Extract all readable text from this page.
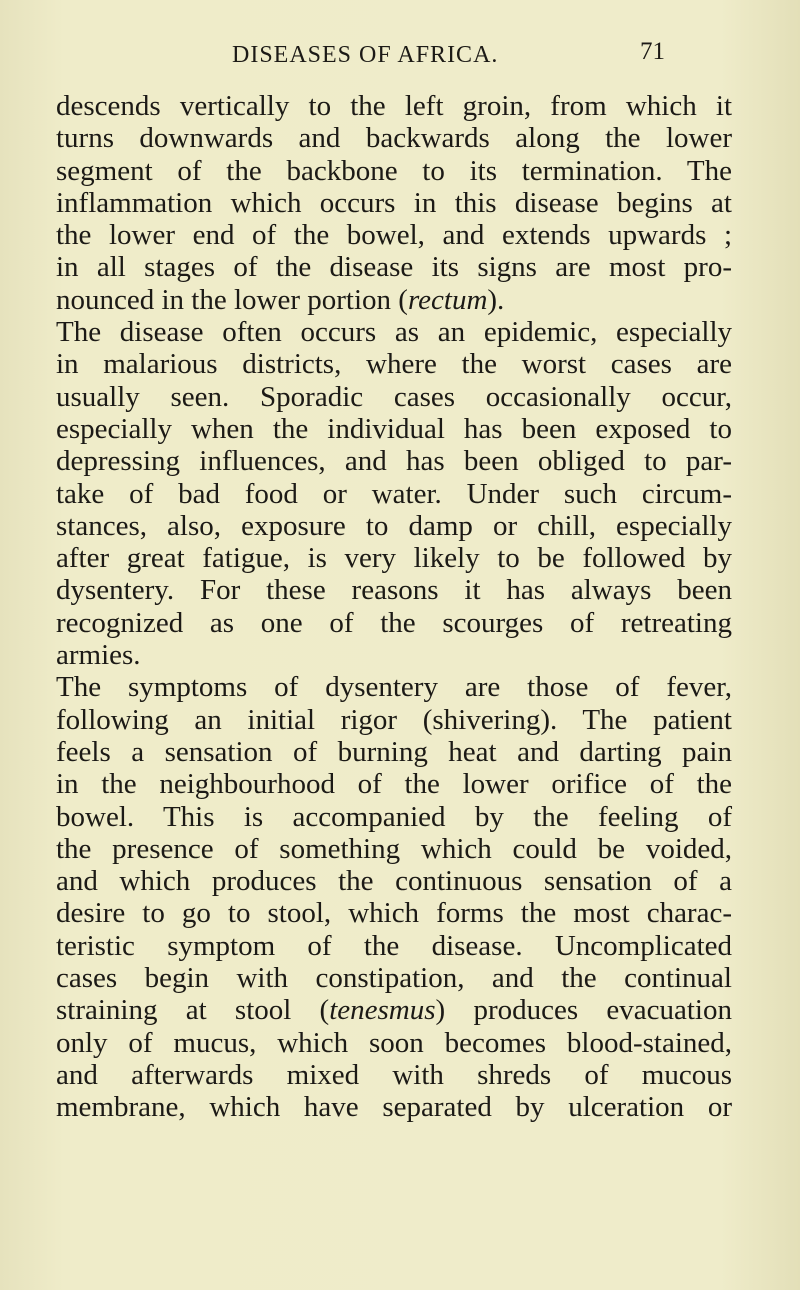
DISEASES OF AFRICA.	71
descends vertically to the left groin, from which it
turns downwards and backwards along the lower
segment of the backbone to its termination. The
inflammation which occurs in this disease begins at
the lower end of the bowel, and extends upwards ;
in all stages of the disease its signs are most pro-
nounced in the lower portion (rectum).
The disease often occurs as an epidemic, especially
in malarious districts, where the worst cases are
usually seen. Sporadic cases occasionally occur,
especially when the individual has been exposed to
depressing influences, and has been obliged to par-
take of bad food or water. Under such circum-
stances, also, exposure to damp or chill, especially
after great fatigue, is very likely to be followed by
dysentery. For these reasons it has always been
recognized as one of the scourges of retreating
armies.
The symptoms of dysentery are those of fever,
following an initial rigor (shivering). The patient
feels a sensation of burning heat and darting pain
in the neighbourhood of the lower orifice of the
bowel. This is accompanied by the feeling of
the presence of something which could be voided,
and which produces the continuous sensation of a
desire to go to stool, which forms the most charac-
teristic symptom of the disease. Uncomplicated
cases begin with constipation, and the continual
straining at stool (tenesmus) produces evacuation
only of mucus, which soon becomes blood-stained,
and afterwards mixed with shreds of mucous
membrane, which have separated by ulceration or
